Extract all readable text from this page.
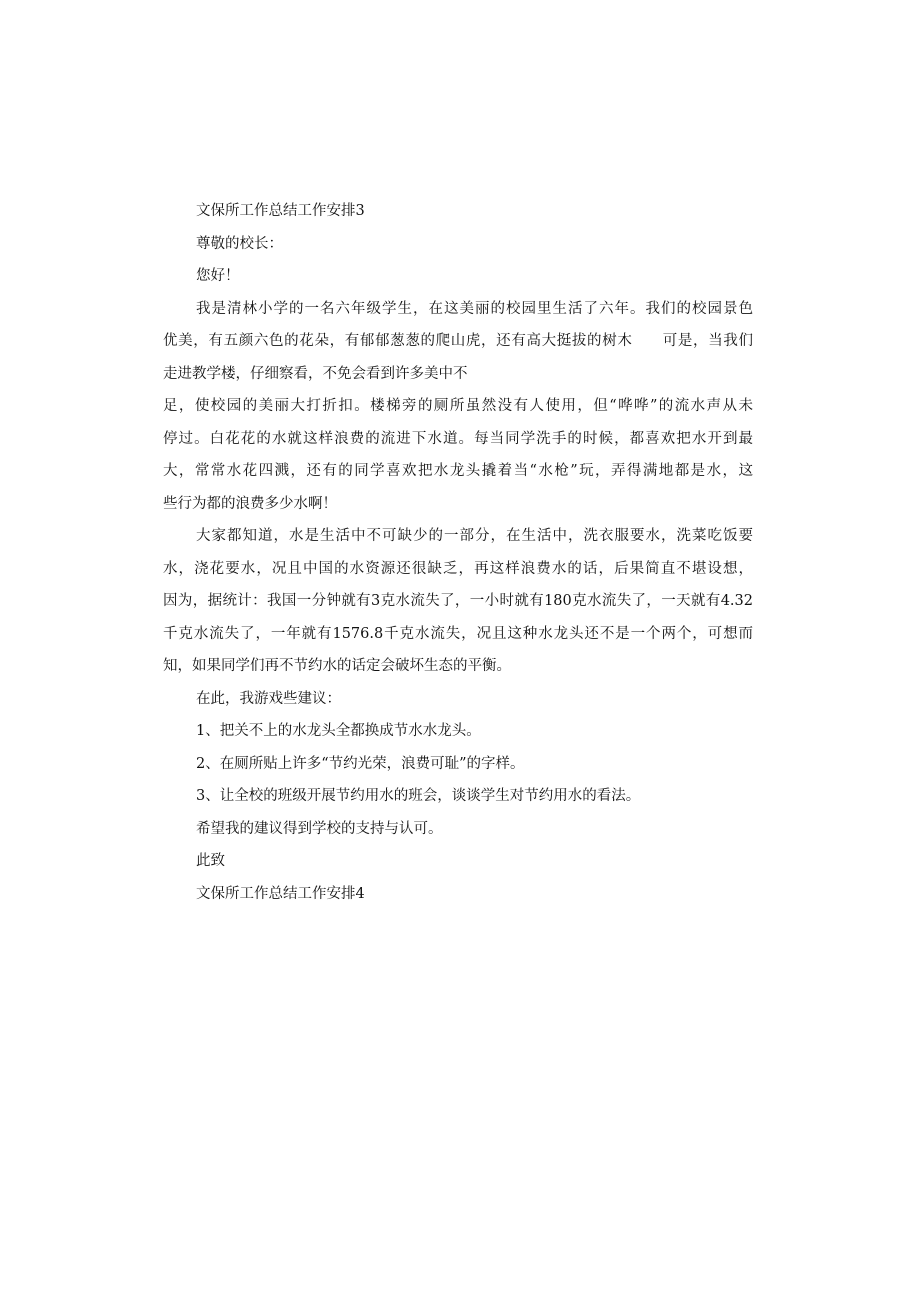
文保所工作总结工作安排3

尊敬的校长：

您好！

我是清林小学的一名六年级学生，在这美丽的校园里生活了六年。我们的校园景色

优美，有五颜六色的花朵，有郁郁葱葱的爬山虎，还有高大挺拔的树木　　可是，当我们

走进教学楼，仔细察看，不免会看到许多美中不

足，使校园的美丽大打折扣。楼梯旁的厕所虽然没有人使用，但“哗哗”的流水声从未

停过。白花花的水就这样浪费的流进下水道。每当同学洗手的时候，都喜欢把水开到最

大，常常水花四溅，还有的同学喜欢把水龙头撬着当“水枪”玩，弄得满地都是水，这

些行为都的浪费多少水啊！

大家都知道，水是生活中不可缺少的一部分，在生活中，洗衣服要水，洗菜吃饭要

水，浇花要水，况且中国的水资源还很缺乏，再这样浪费水的话，后果简直不堪设想，

因为，据统计：我国一分钟就有3克水流失了，一小时就有180克水流失了，一天就有4.32

千克水流失了，一年就有1576.8千克水流失，况且这种水龙头还不是一个两个，可想而

知，如果同学们再不节约水的话定会破坏生态的平衡。

在此，我游戏些建议：

1、把关不上的水龙头全都换成节水水龙头。

2、在厕所贴上许多“节约光荣，浪费可耻”的字样。

3、让全校的班级开展节约用水的班会，谈谈学生对节约用水的看法。

希望我的建议得到学校的支持与认可。

此致

文保所工作总结工作安排4
